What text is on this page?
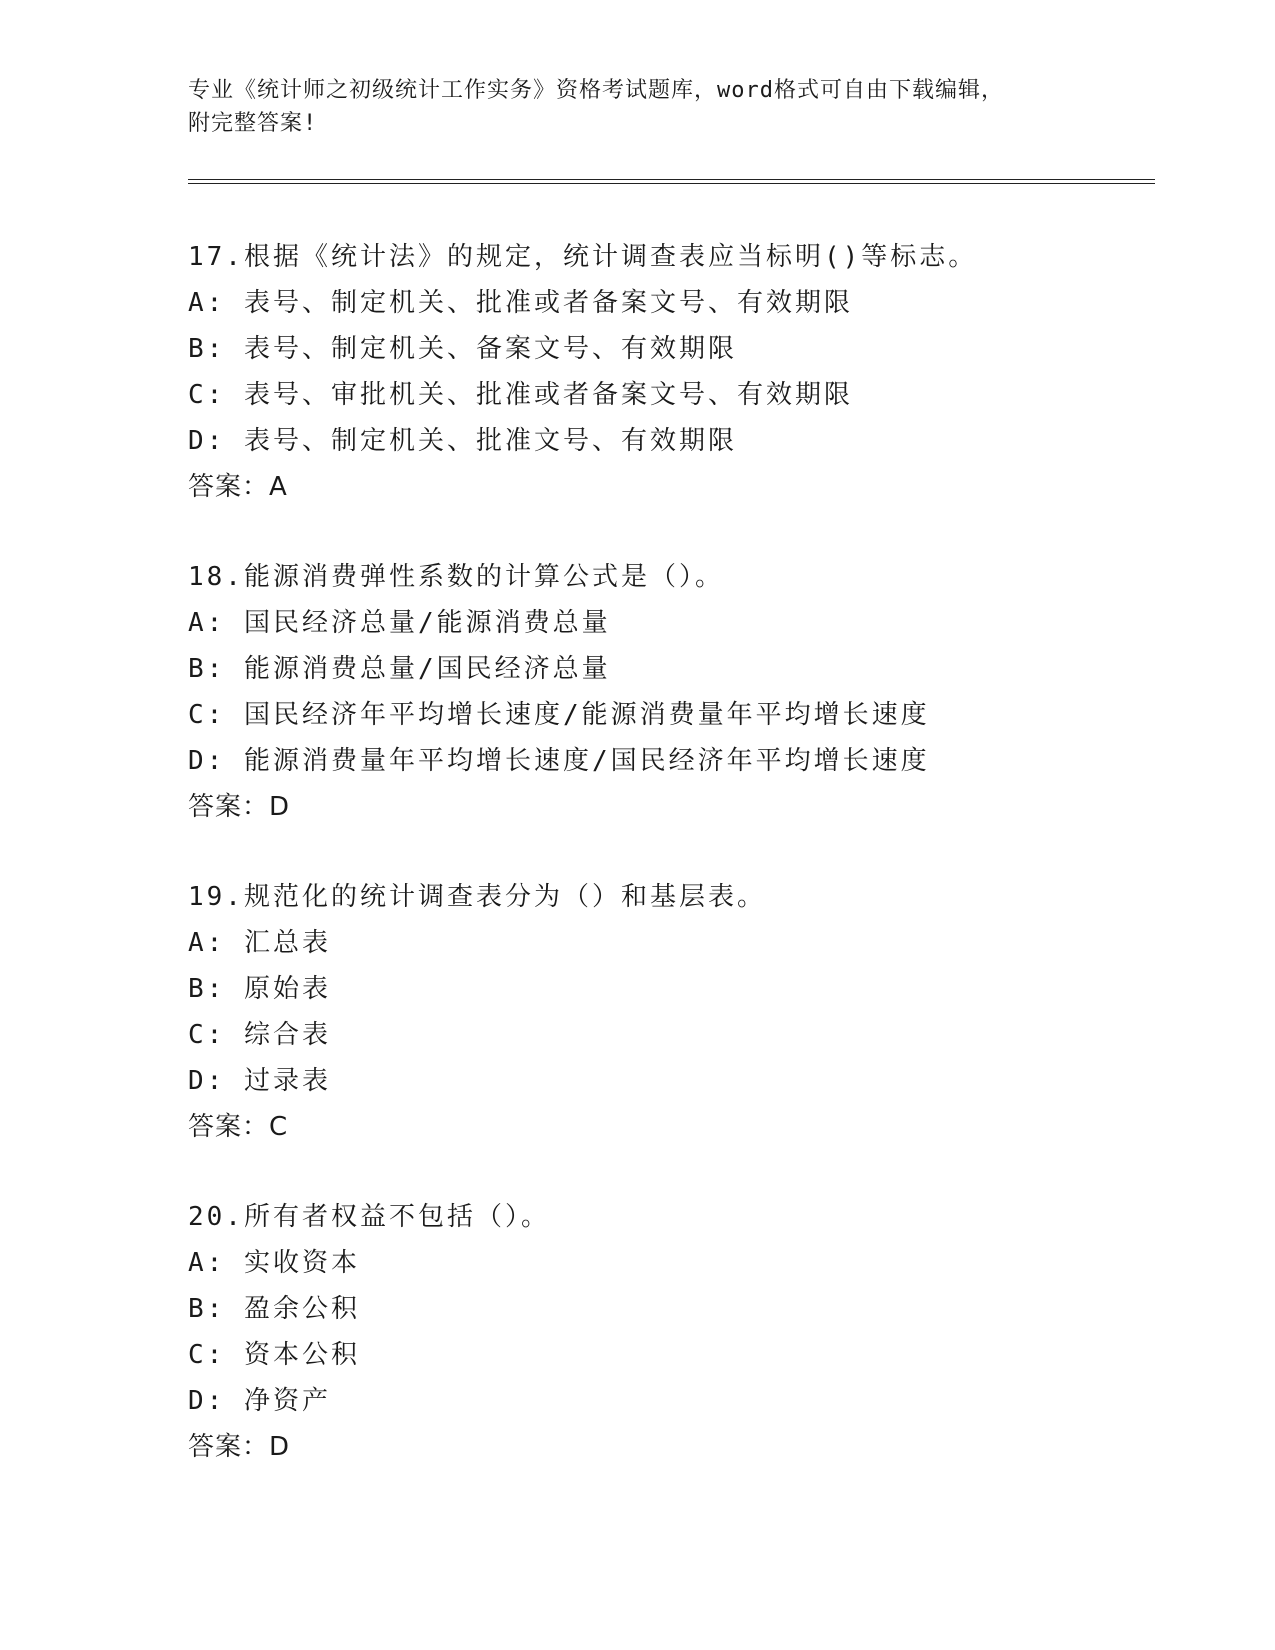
专业《统计师之初级统计工作实务》资格考试题库，word格式可自由下载编辑，
附完整答案!
17.根据《统计法》的规定，统计调查表应当标明()等标志。
A: 表号、制定机关、批准或者备案文号、有效期限
B: 表号、制定机关、备案文号、有效期限
C: 表号、审批机关、批准或者备案文号、有效期限
D: 表号、制定机关、批准文号、有效期限
答案：A
18.能源消费弹性系数的计算公式是（）。
A: 国民经济总量/能源消费总量
B: 能源消费总量/国民经济总量
C: 国民经济年平均增长速度/能源消费量年平均增长速度
D: 能源消费量年平均增长速度/国民经济年平均增长速度
答案：D
19.规范化的统计调查表分为（）和基层表。
A: 汇总表
B: 原始表
C: 综合表
D: 过录表
答案：C
20.所有者权益不包括（）。
A: 实收资本
B: 盈余公积
C: 资本公积
D: 净资产
答案：D
